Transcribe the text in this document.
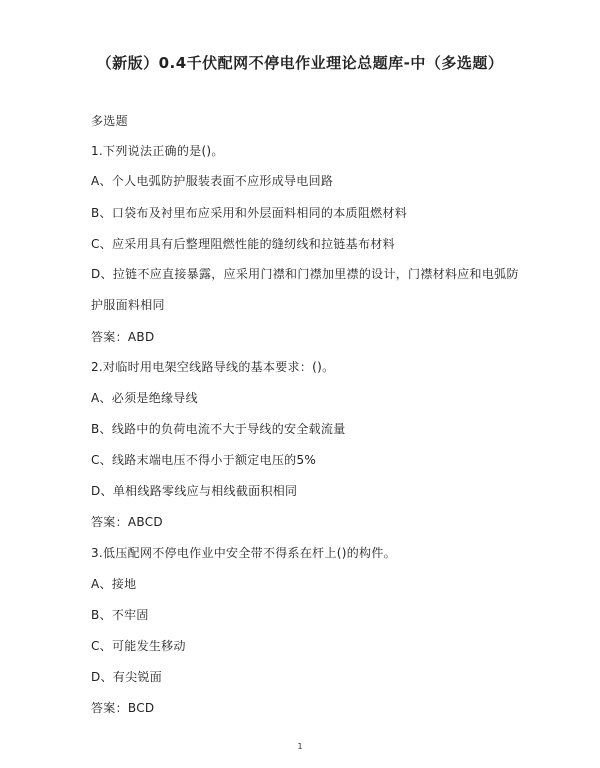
（新版）0.4千伏配网不停电作业理论总题库-中（多选题）
多选题
1.下列说法正确的是()。
A、个人电弧防护服装表面不应形成导电回路
B、口袋布及衬里布应采用和外层面料相同的本质阻燃材料
C、应采用具有后整理阻燃性能的缝纫线和拉链基布材料
D、拉链不应直接暴露，应采用门襟和门襟加里襟的设计，门襟材料应和电弧防
护服面料相同
答案：ABD
2.对临时用电架空线路导线的基本要求：()。
A、必须是绝缘导线
B、线路中的负荷电流不大于导线的安全载流量
C、线路末端电压不得小于额定电压的5%
D、单相线路零线应与相线截面积相同
答案：ABCD
3.低压配网不停电作业中安全带不得系在杆上()的构件。
A、接地
B、不牢固
C、可能发生移动
D、有尖锐面
答案：BCD
1
